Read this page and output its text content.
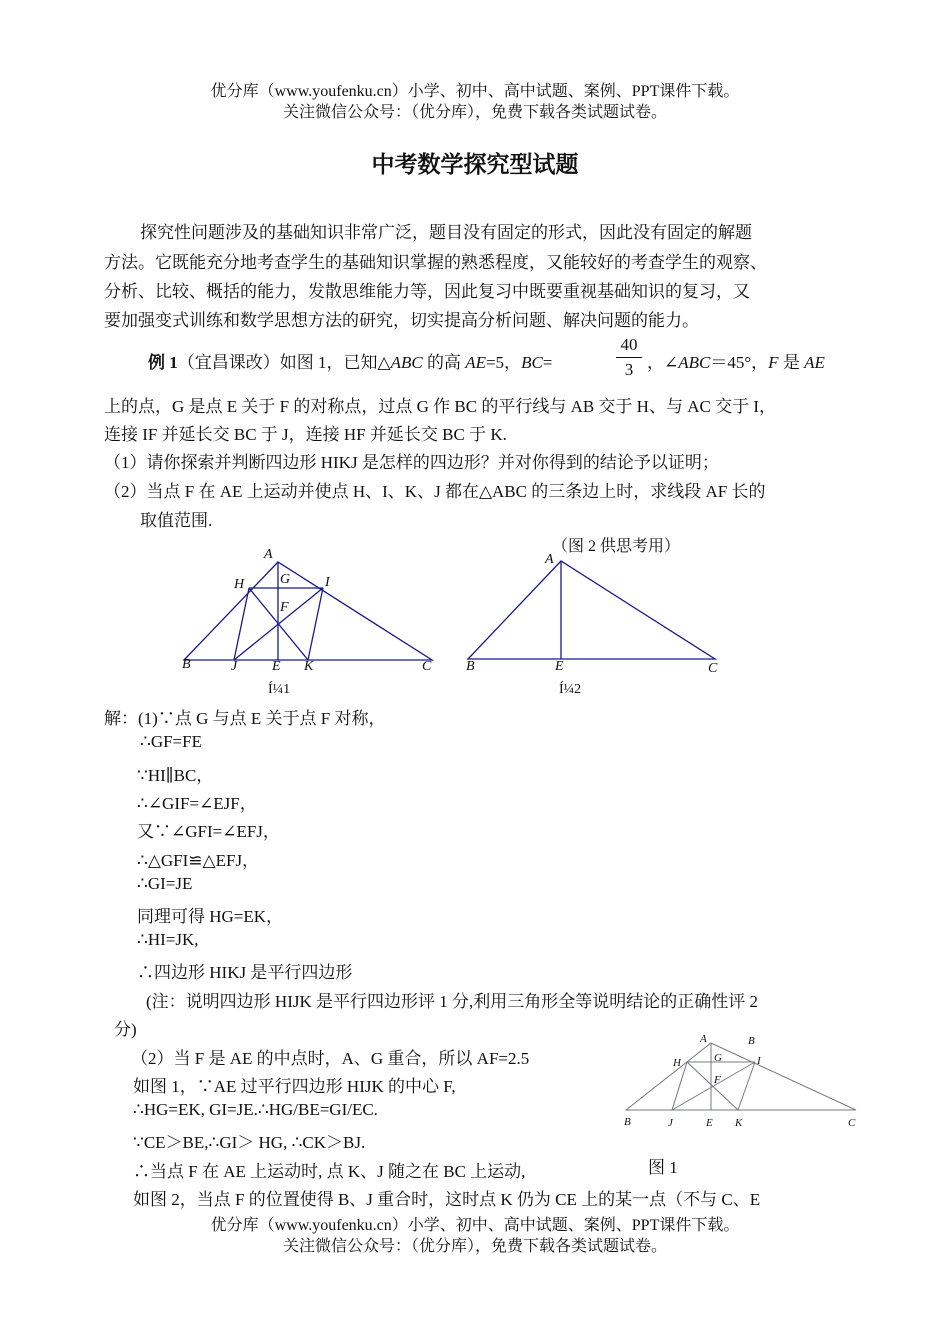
优分库（www.youfenku.cn）小学、初中、高中试题、案例、PPT课件下载。
关注微信公众号：（优分库），免费下载各类试题试卷。
中考数学探究型试题
探究性问题涉及的基础知识非常广泛，题目没有固定的形式，因此没有固定的解题
方法。它既能充分地考查学生的基础知识掌握的熟悉程度，又能较好的考查学生的观察、
分析、比较、概括的能力，发散思维能力等，因此复习中既要重视基础知识的复习，又
要加强变式训练和数学思想方法的研究，切实提高分析问题、解决问题的能力。
例 1（宜昌课改）如图 1，已知△ABC 的高 AE=5，BC=
40
3 ，∠ABC＝45°，F 是 AE
上的点，G 是点 E 关于 F 的对称点，过点 G 作 BC 的平行线与 AB 交于 H、与 AC 交于 I，
连接 IF 并延长交 BC 于 J，连接 HF 并延长交 BC 于 K.
（1）请你探索并判断四边形 HIKJ 是怎样的四边形？并对你得到的结论予以证明；
（2）当点 F 在 AE 上运动并使点 H、I、K、J 都在△ABC 的三条边上时，求线段 AF 长的
取值范围.
（图 2 供思考用）
A
H	G I
F
B	J E K	C
Í¼1
A
B	E	C
Í¼2
解：(1)∵点 G 与点 E 关于点 F 对称，
∴GF=FE
∵HI∥BC，
∴∠GIF=∠EJF，
又∵∠GFI=∠EFJ，
∴△GFI≌△EFJ，
∴GI=JE
同理可得 HG=EK，
∴HI=JK,
∴四边形 HIKJ 是平行四边形
(注：说明四边形 HIJK 是平行四边形评 1 分,利用三角形全等说明结论的正确性评 2
分)
（2）当 F 是 AE 的中点时，A、G 重合，所以 AF=2.5
如图 1，∵AE 过平行四边形 HIJK 的中心 F,
∴HG=EK, GI=JE.∴HG/BE=GI/EC.
∵CE＞BE,∴GI＞ HG, ∴CK＞BJ.
∴当点 F 在 AE 上运动时, 点 K、J 随之在 BC 上运动,
如图 2，当点 F 的位置使得 B、J 重合时，这时点 K 仍为 CE 上的某一点（不与 C、E
A	B
H	G	I
F
B	J	E K	C
图 1
优分库（www.youfenku.cn）小学、初中、高中试题、案例、PPT课件下载。
关注微信公众号：（优分库），免费下载各类试题试卷。
